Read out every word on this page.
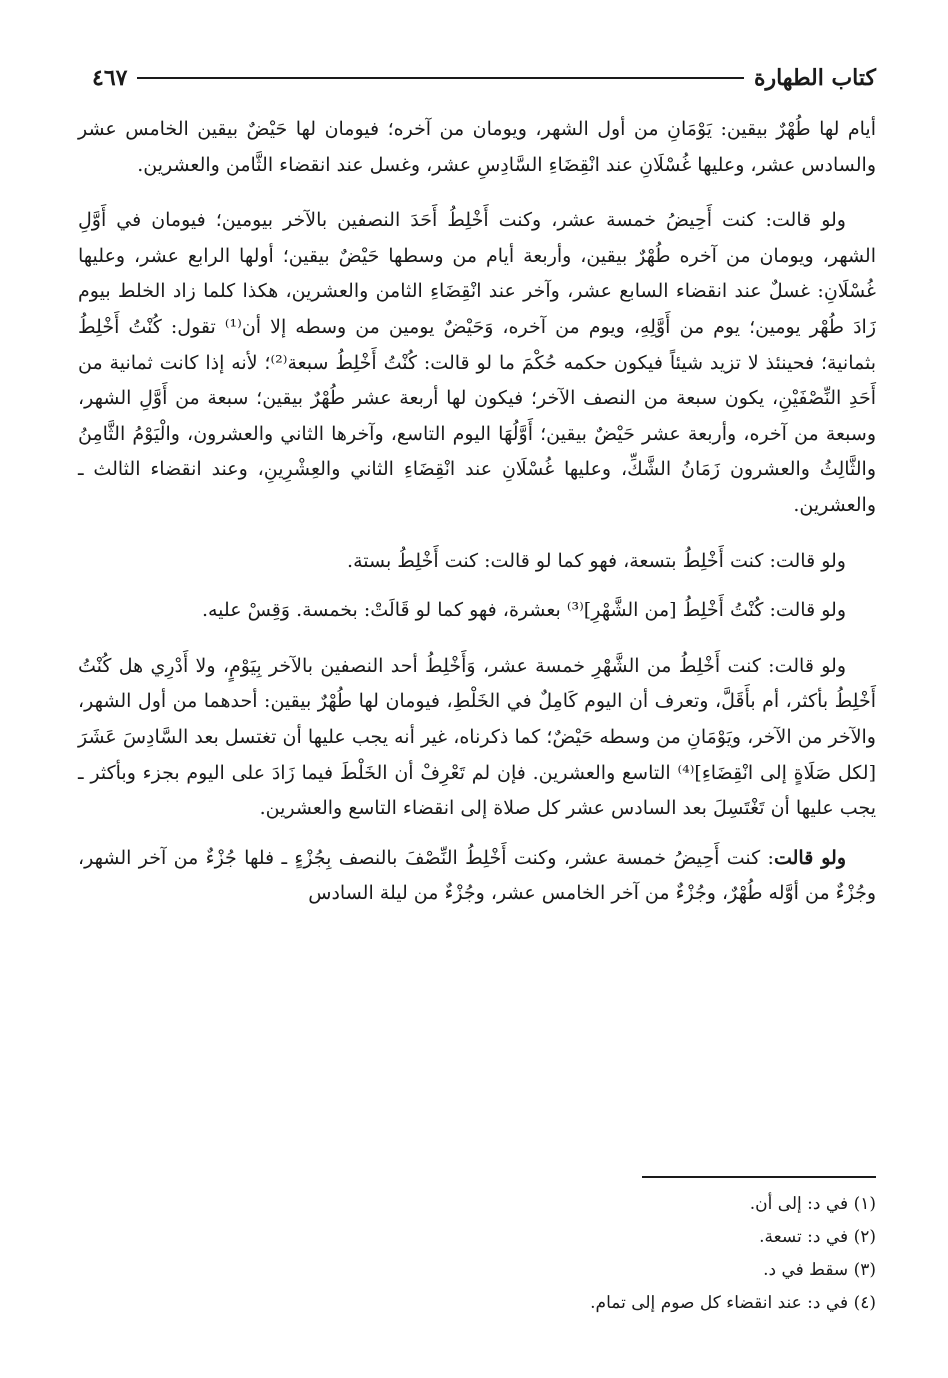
كتاب الطهارة
٤٦٧

أيام لها طُهْرٌ بيقين: يَوْمَانِ من أول الشهر، ويومان من آخره؛ فيومان لها حَيْضٌ بيقين الخامس عشر والسادس عشر، وعليها غُسْلَانِ عند انْقِضَاءِ السَّادِسِ عشر، وغسل عند انقضاء الثَّامن والعشرين.

ولو قالت: كنت أَحِيضُ خمسة عشر، وكنت أَخْلِطُ أَحَدَ النصفين بالآخر بيومين؛ فيومان في أَوَّلِ الشهر، ويومان من آخره طُهْرٌ بيقين، وأربعة أيام من وسطها حَيْضٌ بيقين؛ أولها الرابع عشر، وعليها غُسْلَانِ: غسلٌ عند انقضاء السابع عشر، وآخر عند انْقِضَاءِ الثامن والعشرين، هكذا كلما زاد الخلط بيوم زَادَ طُهْر يومين؛ يوم من أَوَّلِهِ، ويوم من آخره، وَحَيْضٌ يومين من وسطه إلا أن⁽¹⁾ تقول: كُنْتُ أَخْلِطُ بثمانية؛ فحينئذ لا تزيد شيئاً فيكون حكمه حُكْمَ ما لو قالت: كُنْتُ أَخْلِطُ سبعة⁽²⁾؛ لأنه إذا كانت ثمانية من أَحَدِ النِّصْفَيْنِ، يكون سبعة من النصف الآخر؛ فيكون لها أربعة عشر طُهْرٌ بيقين؛ سبعة من أَوَّلِ الشهر، وسبعة من آخره، وأربعة عشر حَيْضٌ بيقين؛ أَوَّلُهَا اليوم التاسع، وآخرها الثاني والعشرون، والْيَوْمُ الثَّامِنُ والثَّالِثُ والعشرون زَمَانُ الشَّكِّ، وعليها غُسْلَانِ عند انْقِضَاءِ الثاني والعِشْرِينِ، وعند انقضاء الثالث ـ والعشرين.

ولو قالت: كنت أَخْلِطُ بتسعة، فهو كما لو قالت: كنت أَخْلِطُ بستة.

ولو قالت: كُنْتُ أَخْلِطُ [من الشَّهْرِ]⁽³⁾ بعشرة، فهو كما لو قَالَتْ: بخمسة. وَقِسْ عليه.

ولو قالت: كنت أَخْلِطُ من الشَّهْرِ خمسة عشر، وَأَخْلِطُ أحد النصفين بالآخر بِيَوْمٍ، ولا أَدْرِي هل كُنْتُ أَخْلِطُ بأكثر، أم بأَقَلَّ، وتعرف أن اليوم كَامِلٌ في الخَلْطِ، فيومان لها طُهْرٌ بيقين: أحدهما من أول الشهر، والآخر من الآخر، ويَوْمَانِ من وسطه حَيْضٌ؛ كما ذكرناه، غير أنه يجب عليها أن تغتسل بعد السَّادِسَ عَشَرَ [لكل صَلَاةٍ إلى انْقِضَاءِ]⁽⁴⁾ التاسع والعشرين. فإن لم تَعْرِفْ أن الخَلْطَ فيما زَادَ على اليوم بجزء وبأكثر ـ يجب عليها أن تَغْتَسِلَ بعد السادس عشر كل صلاة إلى انقضاء التاسع والعشرين.

ولو قالت: كنت أَحِيضُ خمسة عشر، وكنت أَخْلِطُ النِّصْفَ بالنصف بِجُزْءٍ ـ فلها جُزْءٌ من آخر الشهر، وجُزْءٌ من أوَّله طُهْرٌ، وجُزْءٌ من آخر الخامس عشر، وجُزْءٌ من ليلة السادس

(١) في د: إلى أن.
(٢) في د: تسعة.
(٣) سقط في د.
(٤) في د: عند انقضاء كل صوم إلى تمام.
